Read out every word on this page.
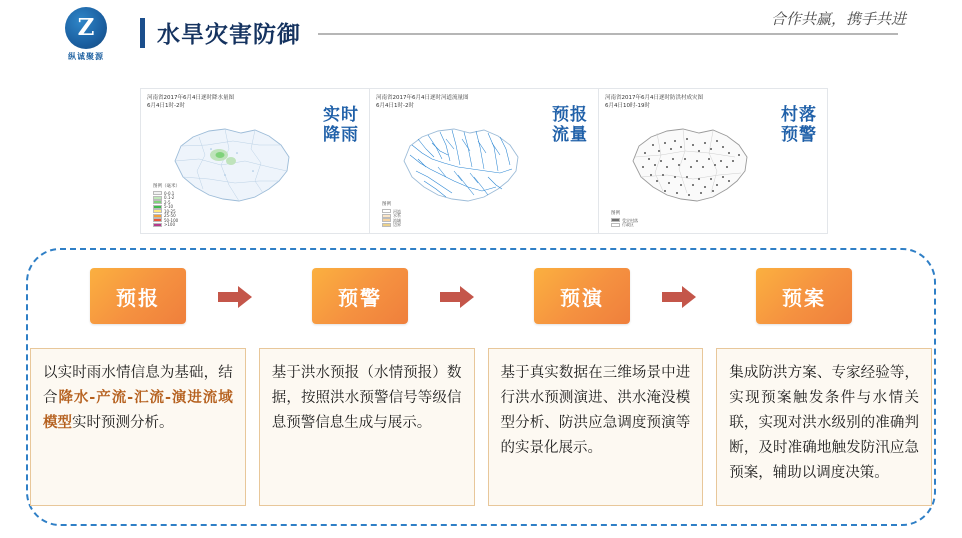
Z
纵诚聚源
水旱灾害防御
合作共赢，携手共进
河南省2017年6月4日逐时降水量图
6月4日1时-2时
图例（毫米）
0-0.1
0.1-2
2-5
5-10
10-25
25-50
50-100
>100
实时
降雨
河南省2017年6月4日逐时河道流量图
6月4日1时-2时
图例
河流
水系
流域
边界
预报
流量
河南省2017年6月4日逐时防洪村成灾图
6月4日10时-19时
图例
受灾村落
行政区
村落
预警
预报	预警	预演	预案
以实时雨水情信息为基础，结合降水-产流-汇流-演进流域模型实时预测分析。
基于洪水预报（水情预报）数据，按照洪水预警信号等级信息预警信息生成与展示。
基于真实数据在三维场景中进行洪水预测演进、洪水淹没模型分析、防洪应急调度预演等的实景化展示。
集成防洪方案、专家经验等，实现预案触发条件与水情关联，实现对洪水级别的准确判断，及时准确地触发防汛应急预案，辅助以调度决策。
